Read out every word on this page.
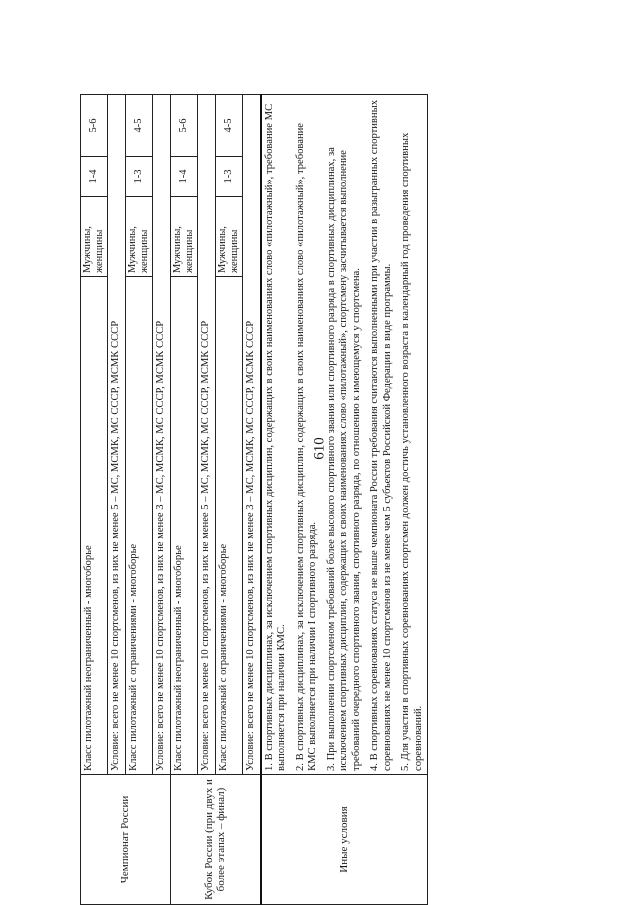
610
Чемпионат России	Класс пилотажный неограниченный - многоборье	Мужчины, женщины	1-4	5-6
	Условие: всего не менее 10 спортсменов, из них не менее 5 – МС, МСМК, МС СССР, МСМК СССР			
	Класс пилотажный с ограничениями - многоборье	Мужчины, женщины	1-3	4-5
	Условие: всего не менее 10 спортсменов, из них не менее 3 – МС, МСМК, МС СССР, МСМК СССР			
Кубок России (при двух и более этапах – финал)	Класс пилотажный неограниченный - многоборье	Мужчины, женщины	1-4	5-6
	Условие: всего не менее 10 спортсменов, из них не менее 5 – МС, МСМК, МС СССР, МСМК СССР			
	Класс пилотажный с ограничениями - многоборье	Мужчины, женщины	1-3	4-5
	Условие: всего не менее 10 спортсменов, из них не менее 3 – МС, МСМК, МС СССР, МСМК СССР			
Иные условия	1. В спортивных дисциплинах, за исключением спортивных дисциплин, содержащих в своих наименованиях слово «пилотажный», требование МС выполняется при наличии КМС. 2. В спортивных дисциплинах, за исключением спортивных дисциплин, содержащих в своих наименованиях слово «пилотажный», требование КМС выполняется при наличии I спортивного разряда. 3. При выполнении спортсменом требований более высокого спортивного звания или спортивного разряда в спортивных дисциплинах, за исключением спортивных дисциплин, содержащих в своих наименованиях слово «пилотажный», спортсмену засчитывается выполнение требований очередного спортивного звания, спортивного разряда, по отношению к имеющемуся у спортсмена. 4. В спортивных соревнованиях статуса не выше чемпионата России требования считаются выполненными при участии в разыгранных спортивных соревнованиях не менее 10 спортсменов из не менее чем 5 субъектов Российской Федерации в виде программы. 5. Для участия в спортивных соревнованиях спортсмен должен достичь установленного возраста в календарный год проведения спортивных соревнований.			
